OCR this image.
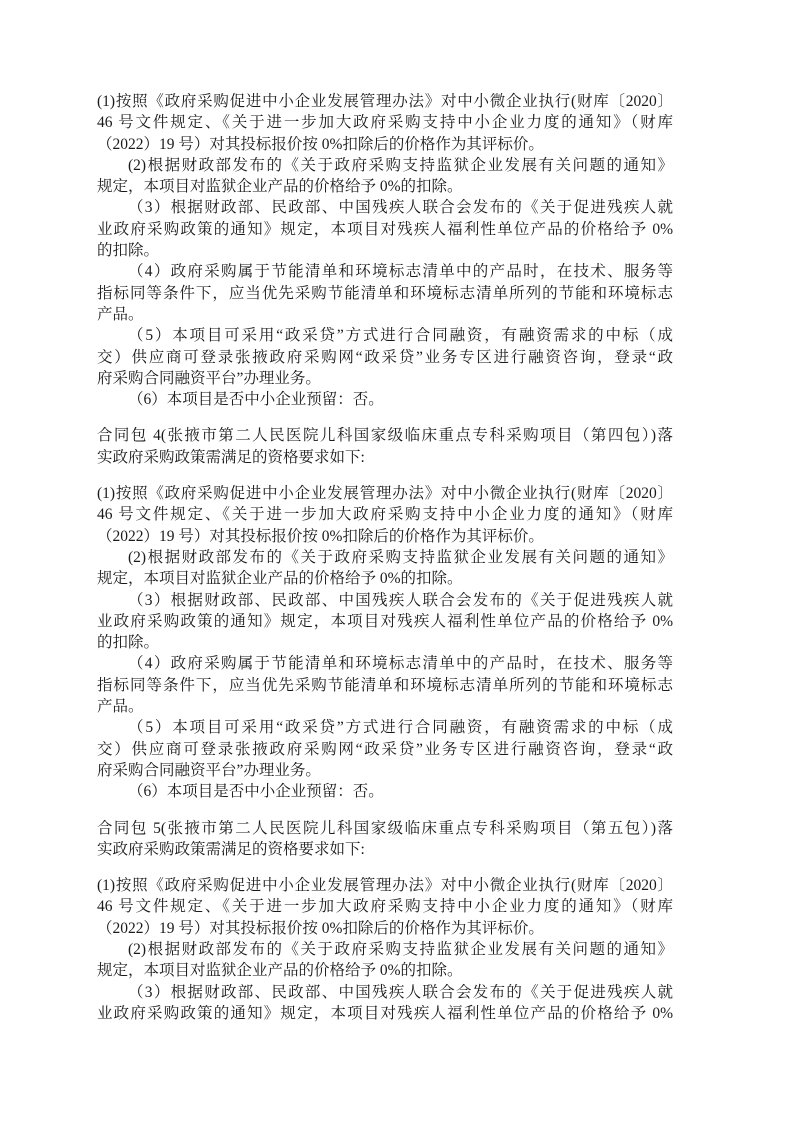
(1)按照《政府采购促进中小企业发展管理办法》对中小微企业执行(财库〔2020〕
46 号文件规定、《关于进一步加大政府采购支持中小企业力度的通知》（财库
（2022）19 号）对其投标报价按 0%扣除后的价格作为其评标价。
(2)根据财政部发布的《关于政府采购支持监狱企业发展有关问题的通知》
规定，本项目对监狱企业产品的价格给予 0%的扣除。
（3）根据财政部、民政部、中国残疾人联合会发布的《关于促进残疾人就
业政府采购政策的通知》规定，本项目对残疾人福利性单位产品的价格给予 0%
的扣除。
（4）政府采购属于节能清单和环境标志清单中的产品时，在技术、服务等
指标同等条件下，应当优先采购节能清单和环境标志清单所列的节能和环境标志
产品。
（5）本项目可采用“政采贷”方式进行合同融资，有融资需求的中标（成
交）供应商可登录张掖政府采购网“政采贷”业务专区进行融资咨询，登录“政
府采购合同融资平台”办理业务。
（6）本项目是否中小企业预留：否。
合同包 4(张掖市第二人民医院儿科国家级临床重点专科采购项目（第四包）)落
实政府采购政策需满足的资格要求如下:
(1)按照《政府采购促进中小企业发展管理办法》对中小微企业执行(财库〔2020〕
46 号文件规定、《关于进一步加大政府采购支持中小企业力度的通知》（财库
（2022）19 号）对其投标报价按 0%扣除后的价格作为其评标价。
(2)根据财政部发布的《关于政府采购支持监狱企业发展有关问题的通知》
规定，本项目对监狱企业产品的价格给予 0%的扣除。
（3）根据财政部、民政部、中国残疾人联合会发布的《关于促进残疾人就
业政府采购政策的通知》规定，本项目对残疾人福利性单位产品的价格给予 0%
的扣除。
（4）政府采购属于节能清单和环境标志清单中的产品时，在技术、服务等
指标同等条件下，应当优先采购节能清单和环境标志清单所列的节能和环境标志
产品。
（5）本项目可采用“政采贷”方式进行合同融资，有融资需求的中标（成
交）供应商可登录张掖政府采购网“政采贷”业务专区进行融资咨询，登录“政
府采购合同融资平台”办理业务。
（6）本项目是否中小企业预留：否。
合同包 5(张掖市第二人民医院儿科国家级临床重点专科采购项目（第五包）)落
实政府采购政策需满足的资格要求如下:
(1)按照《政府采购促进中小企业发展管理办法》对中小微企业执行(财库〔2020〕
46 号文件规定、《关于进一步加大政府采购支持中小企业力度的通知》（财库
（2022）19 号）对其投标报价按 0%扣除后的价格作为其评标价。
(2)根据财政部发布的《关于政府采购支持监狱企业发展有关问题的通知》
规定，本项目对监狱企业产品的价格给予 0%的扣除。
（3）根据财政部、民政部、中国残疾人联合会发布的《关于促进残疾人就
业政府采购政策的通知》规定，本项目对残疾人福利性单位产品的价格给予 0%
